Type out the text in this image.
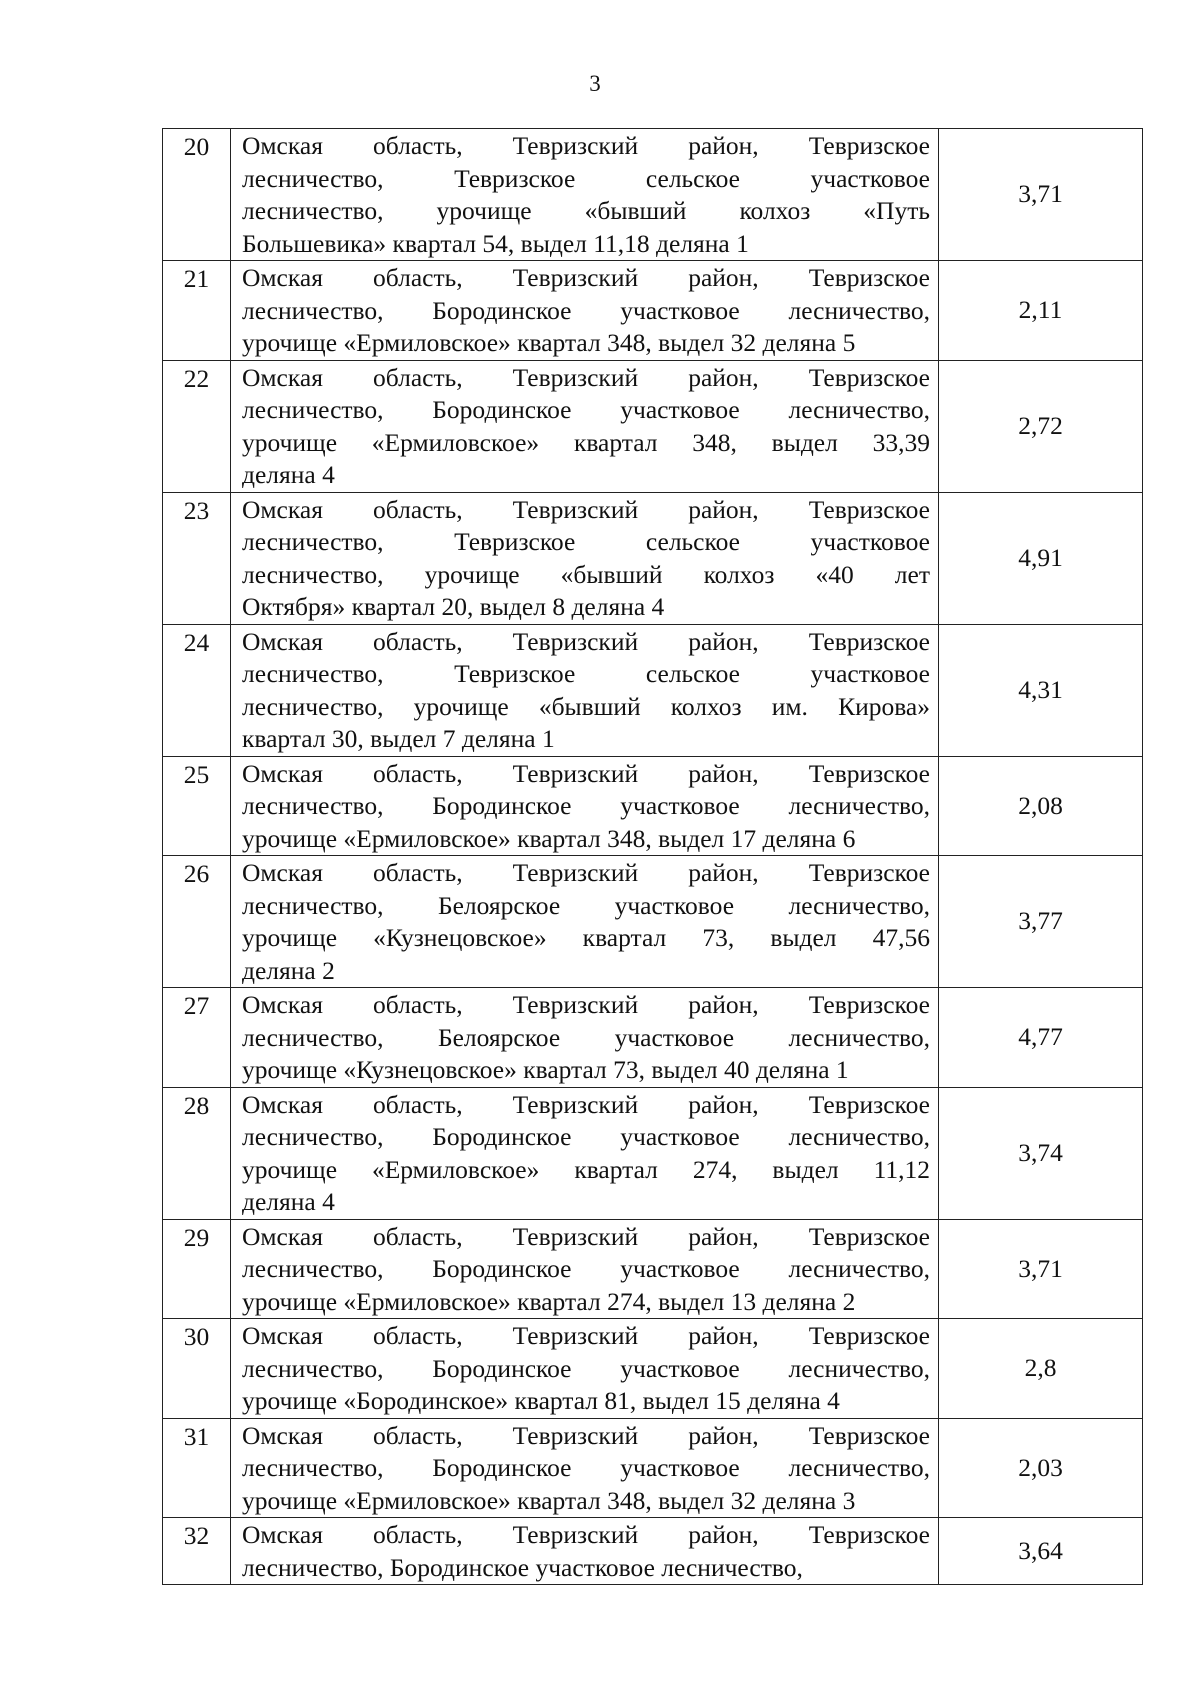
3
20	Омская область, Тевризский район, Тевризское
лесничество, Тевризское сельское участковое
лесничество, урочище «бывший колхоз «Путь
Большевика» квартал 54, выдел 11,18 деляна 1	3,71
21	Омская область, Тевризский район, Тевризское
лесничество, Бородинское участковое лесничество,
урочище «Ермиловское» квартал 348, выдел 32 деляна 5	2,11
22	Омская область, Тевризский район, Тевризское
лесничество, Бородинское участковое лесничество,
урочище «Ермиловское» квартал 348, выдел 33,39
деляна 4	2,72
23	Омская область, Тевризский район, Тевризское
лесничество, Тевризское сельское участковое
лесничество, урочище «бывший колхоз «40 лет
Октября» квартал 20, выдел 8 деляна 4	4,91
24	Омская область, Тевризский район, Тевризское
лесничество, Тевризское сельское участковое
лесничество, урочище «бывший колхоз им. Кирова»
квартал 30, выдел 7 деляна 1	4,31
25	Омская область, Тевризский район, Тевризское
лесничество, Бородинское участковое лесничество,
урочище «Ермиловское» квартал 348, выдел 17 деляна 6	2,08
26	Омская область, Тевризский район, Тевризское
лесничество, Белоярское участковое лесничество,
урочище «Кузнецовское» квартал 73, выдел 47,56
деляна 2	3,77
27	Омская область, Тевризский район, Тевризское
лесничество, Белоярское участковое лесничество,
урочище «Кузнецовское» квартал 73, выдел 40 деляна 1	4,77
28	Омская область, Тевризский район, Тевризское
лесничество, Бородинское участковое лесничество,
урочище «Ермиловское» квартал 274, выдел 11,12
деляна 4	3,74
29	Омская область, Тевризский район, Тевризское
лесничество, Бородинское участковое лесничество,
урочище «Ермиловское» квартал 274, выдел 13 деляна 2	3,71
30	Омская область, Тевризский район, Тевризское
лесничество, Бородинское участковое лесничество,
урочище «Бородинское» квартал 81, выдел 15 деляна 4	2,8
31	Омская область, Тевризский район, Тевризское
лесничество, Бородинское участковое лесничество,
урочище «Ермиловское» квартал 348, выдел 32 деляна 3	2,03
32	Омская область, Тевризский район, Тевризское
лесничество, Бородинское участковое лесничество,	3,64
